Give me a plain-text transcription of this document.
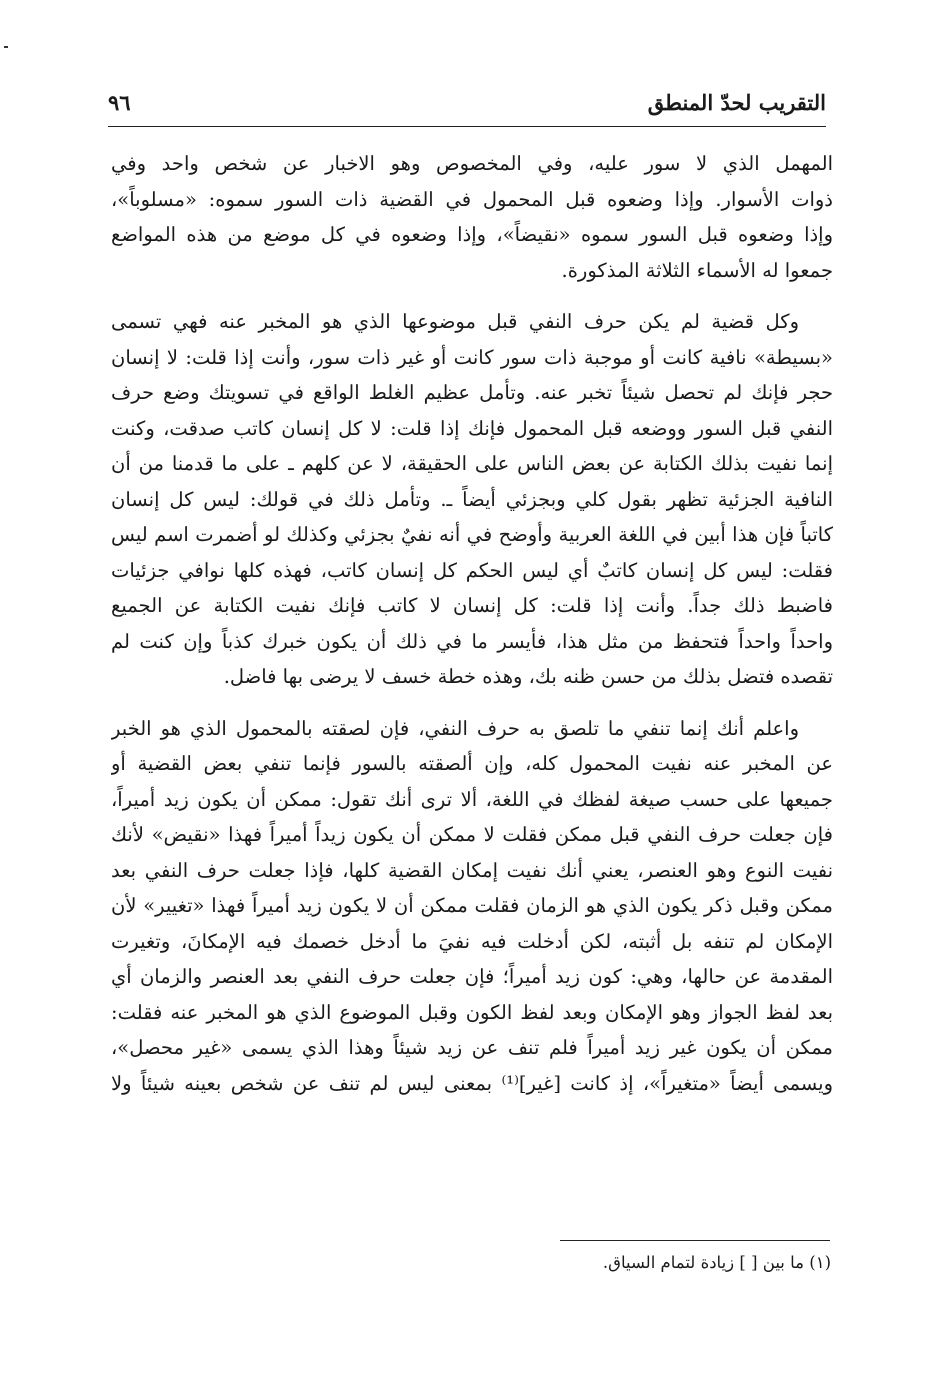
التقريب لحدّ المنطق
٩٦

المهمل الذي لا سور عليه، وفي المخصوص وهو الاخبار عن شخص واحد وفي
ذوات الأسوار. وإذا وضعوه قبل المحمول في القضية ذات السور سموه: «مسلوباً»،
وإذا وضعوه قبل السور سموه «نقيضاً»، وإذا وضعوه في كل موضع من هذه المواضع
جمعوا له الأسماء الثلاثة المذكورة.

وكل قضية لم يكن حرف النفي قبل موضوعها الذي هو المخبر عنه فهي تسمى
«بسيطة» نافية كانت أو موجبة ذات سور كانت أو غير ذات سور، وأنت إذا قلت: لا إنسان
حجر فإنك لم تحصل شيئاً تخبر عنه. وتأمل عظيم الغلط الواقع في تسويتك وضع حرف
النفي قبل السور ووضعه قبل المحمول فإنك إذا قلت: لا كل إنسان كاتب صدقت، وكنت
إنما نفيت بذلك الكتابة عن بعض الناس على الحقيقة، لا عن كلهم ـ على ما قدمنا من أن
النافية الجزئية تظهر بقول كلي وبجزئي أيضاً ـ. وتأمل ذلك في قولك: ليس كل إنسان
كاتباً فإن هذا أبين في اللغة العربية وأوضح في أنه نفيٌ بجزئي وكذلك لو أضمرت اسم ليس
فقلت: ليس كل إنسان كاتبٌ أي ليس الحكم كل إنسان كاتب، فهذه كلها نوافي جزئيات
فاضبط ذلك جداً. وأنت إذا قلت: كل إنسان لا كاتب فإنك نفيت الكتابة عن الجميع
واحداً واحداً فتحفظ من مثل هذا، فأيسر ما في ذلك أن يكون خبرك كذباً وإن كنت لم
تقصده فتضل بذلك من حسن ظنه بك، وهذه خطة خسف لا يرضى بها فاضل.

واعلم أنك إنما تنفي ما تلصق به حرف النفي، فإن لصقته بالمحمول الذي هو الخبر
عن المخبر عنه نفيت المحمول كله، وإن ألصقته بالسور فإنما تنفي بعض القضية أو
جميعها على حسب صيغة لفظك في اللغة، ألا ترى أنك تقول: ممكن أن يكون زيد أميراً،
فإن جعلت حرف النفي قبل ممكن فقلت لا ممكن أن يكون زيداً أميراً فهذا «نقيض» لأنك
نفيت النوع وهو العنصر، يعني أنك نفيت إمكان القضية كلها، فإذا جعلت حرف النفي بعد
ممكن وقبل ذكر يكون الذي هو الزمان فقلت ممكن أن لا يكون زيد أميراً فهذا «تغيير» لأن
الإمكان لم تنفه بل أثبته، لكن أدخلت فيه نفيَ ما أدخل خصمك فيه الإمكانَ، وتغيرت
المقدمة عن حالها، وهي: كون زيد أميراً؛ فإن جعلت حرف النفي بعد العنصر والزمان أي
بعد لفظ الجواز وهو الإمكان وبعد لفظ الكون وقبل الموضوع الذي هو المخبر عنه فقلت:
ممكن أن يكون غير زيد أميراً فلم تنف عن زيد شيئاً وهذا الذي يسمى «غير محصل»،
ويسمى أيضاً «متغيراً»، إذ كانت [غير]⁽¹⁾ بمعنى ليس لم تنف عن شخص بعينه شيئاً ولا

(١) ما بين [ ] زيادة لتمام السياق.
